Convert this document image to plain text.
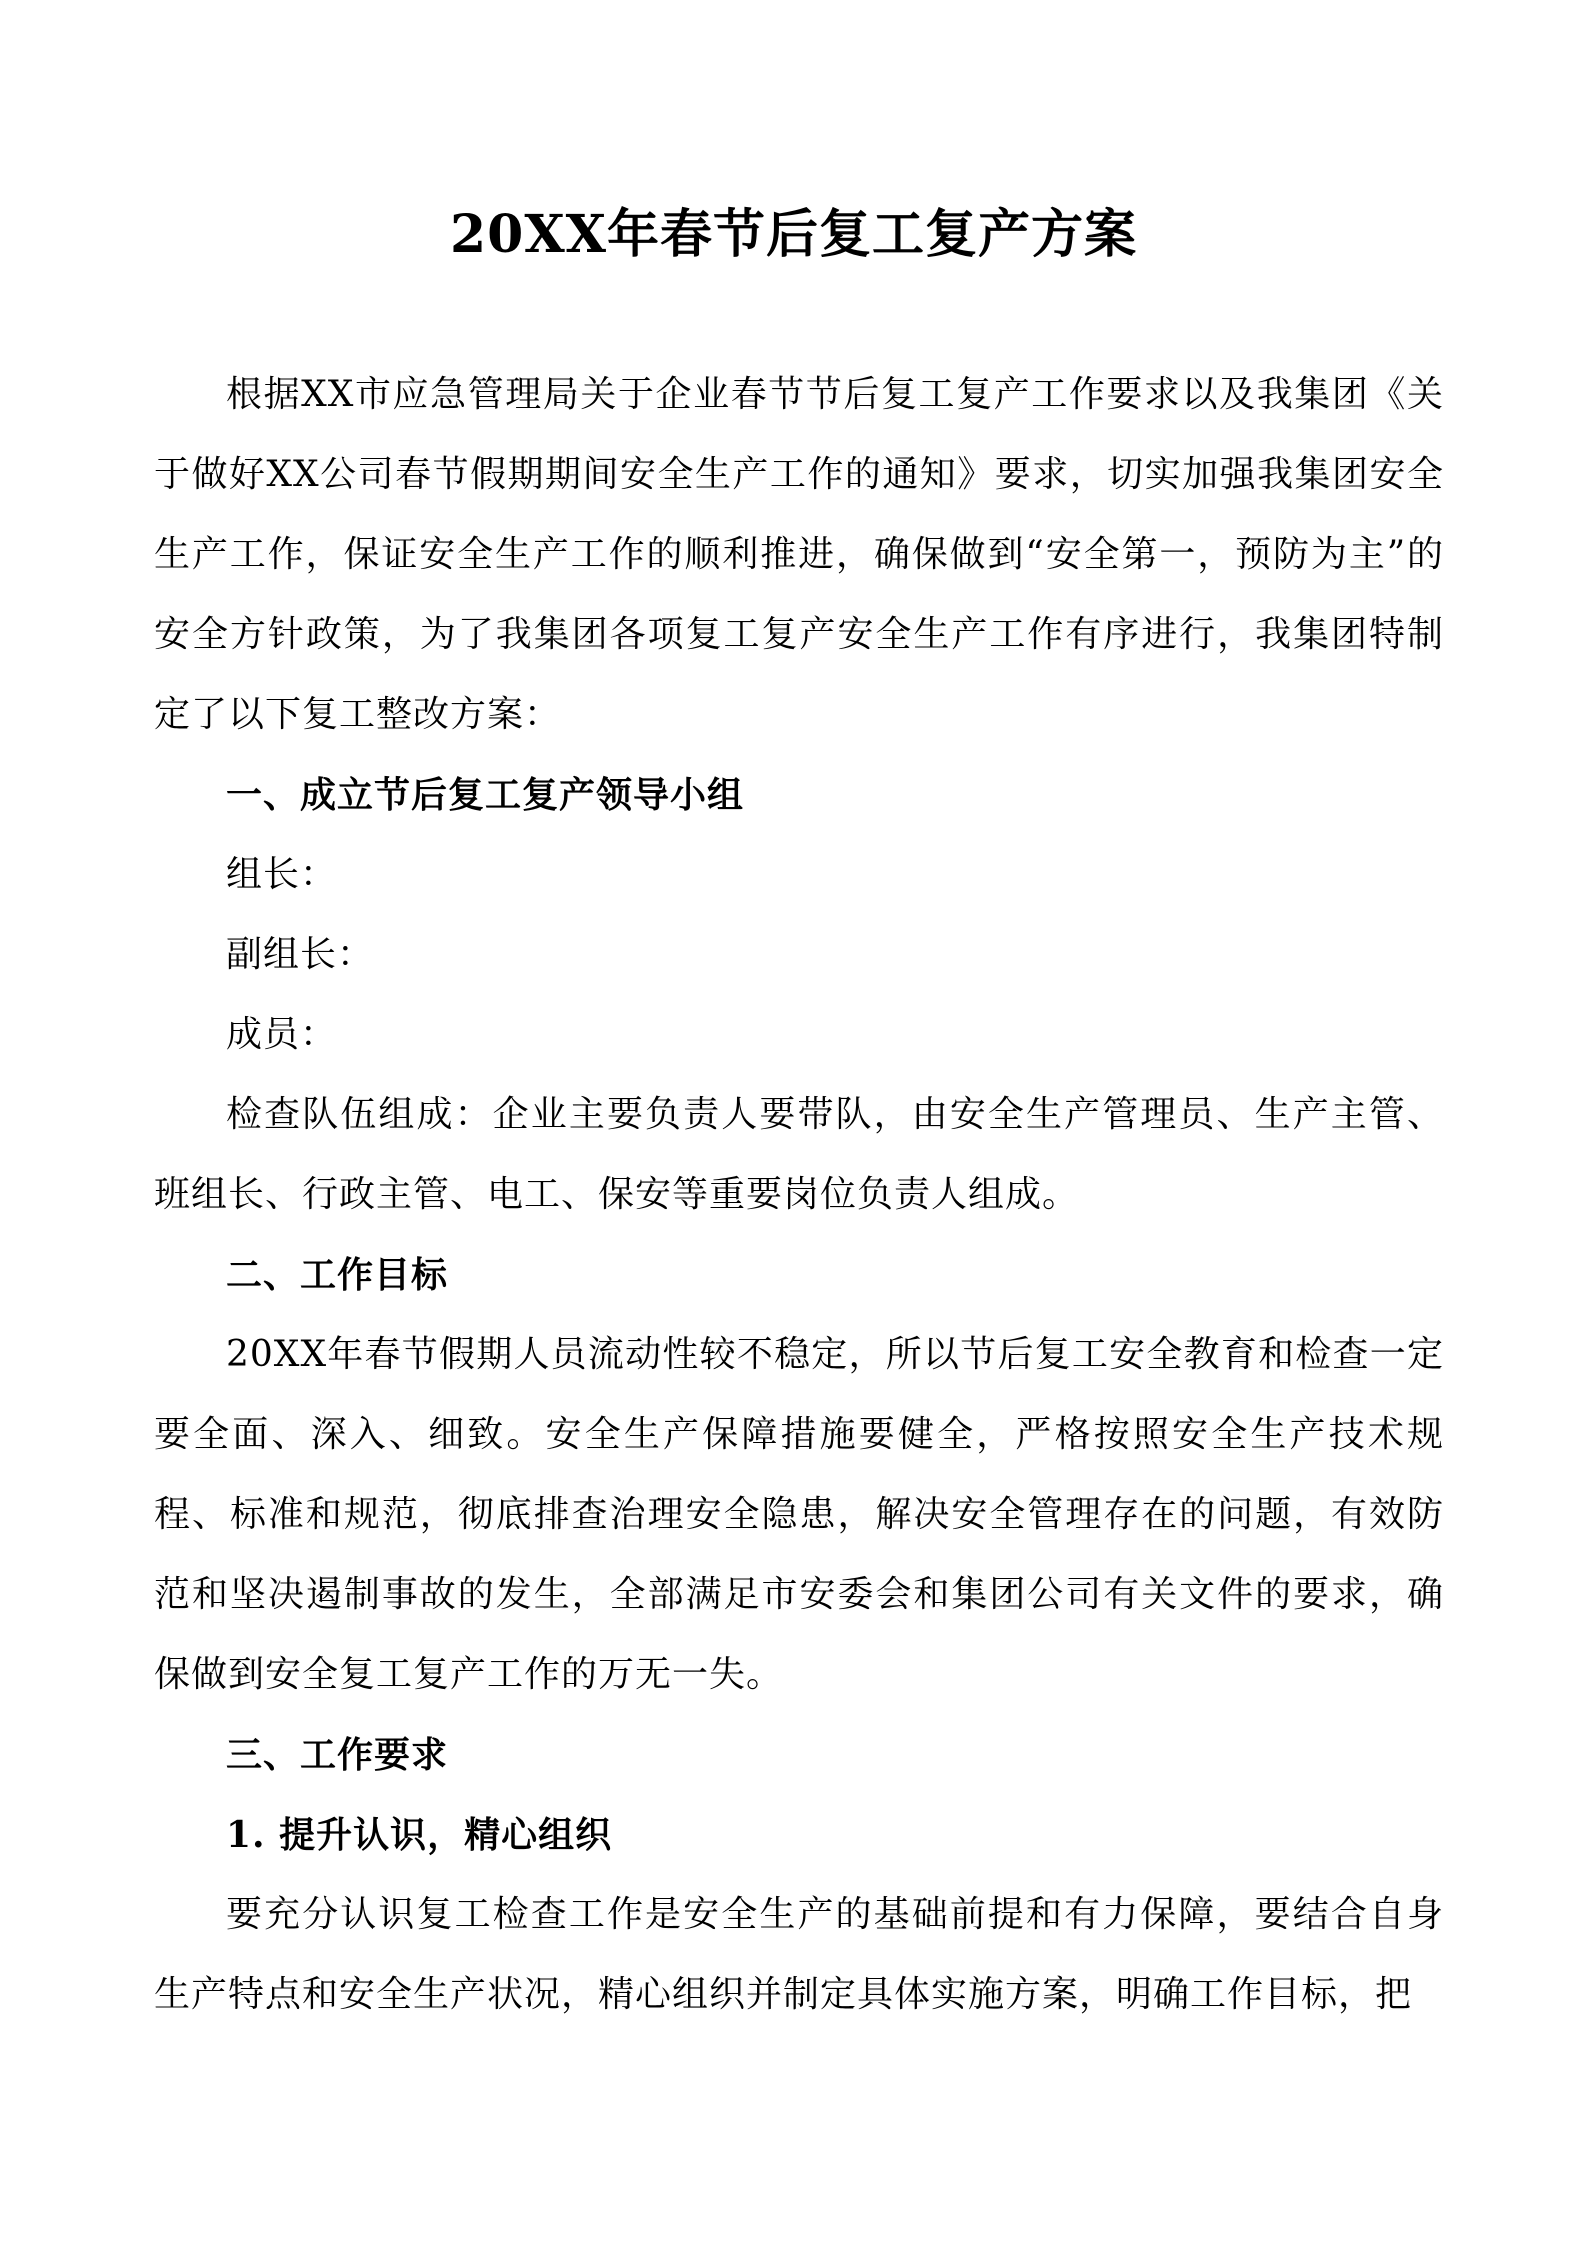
20XX年春节后复工复产方案

根据XX市应急管理局关于企业春节节后复工复产工作要求以及我集团《关于做好XX公司春节假期期间安全生产工作的通知》要求，切实加强我集团安全生产工作，保证安全生产工作的顺利推进，确保做到“安全第一，预防为主”的安全方针政策，为了我集团各项复工复产安全生产工作有序进行，我集团特制定了以下复工整改方案：

一、成立节后复工复产领导小组

组长：

副组长：

成员：

检查队伍组成：企业主要负责人要带队，由安全生产管理员、生产主管、班组长、行政主管、电工、保安等重要岗位负责人组成。

二、工作目标

20XX年春节假期人员流动性较不稳定，所以节后复工安全教育和检查一定要全面、深入、细致。安全生产保障措施要健全，严格按照安全生产技术规程、标准和规范，彻底排查治理安全隐患，解决安全管理存在的问题，有效防范和坚决遏制事故的发生，全部满足市安委会和集团公司有关文件的要求，确保做到安全复工复产工作的万无一失。

三、工作要求

1. 提升认识，精心组织

要充分认识复工检查工作是安全生产的基础前提和有力保障，要结合自身生产特点和安全生产状况，精心组织并制定具体实施方案，明确工作目标，把
